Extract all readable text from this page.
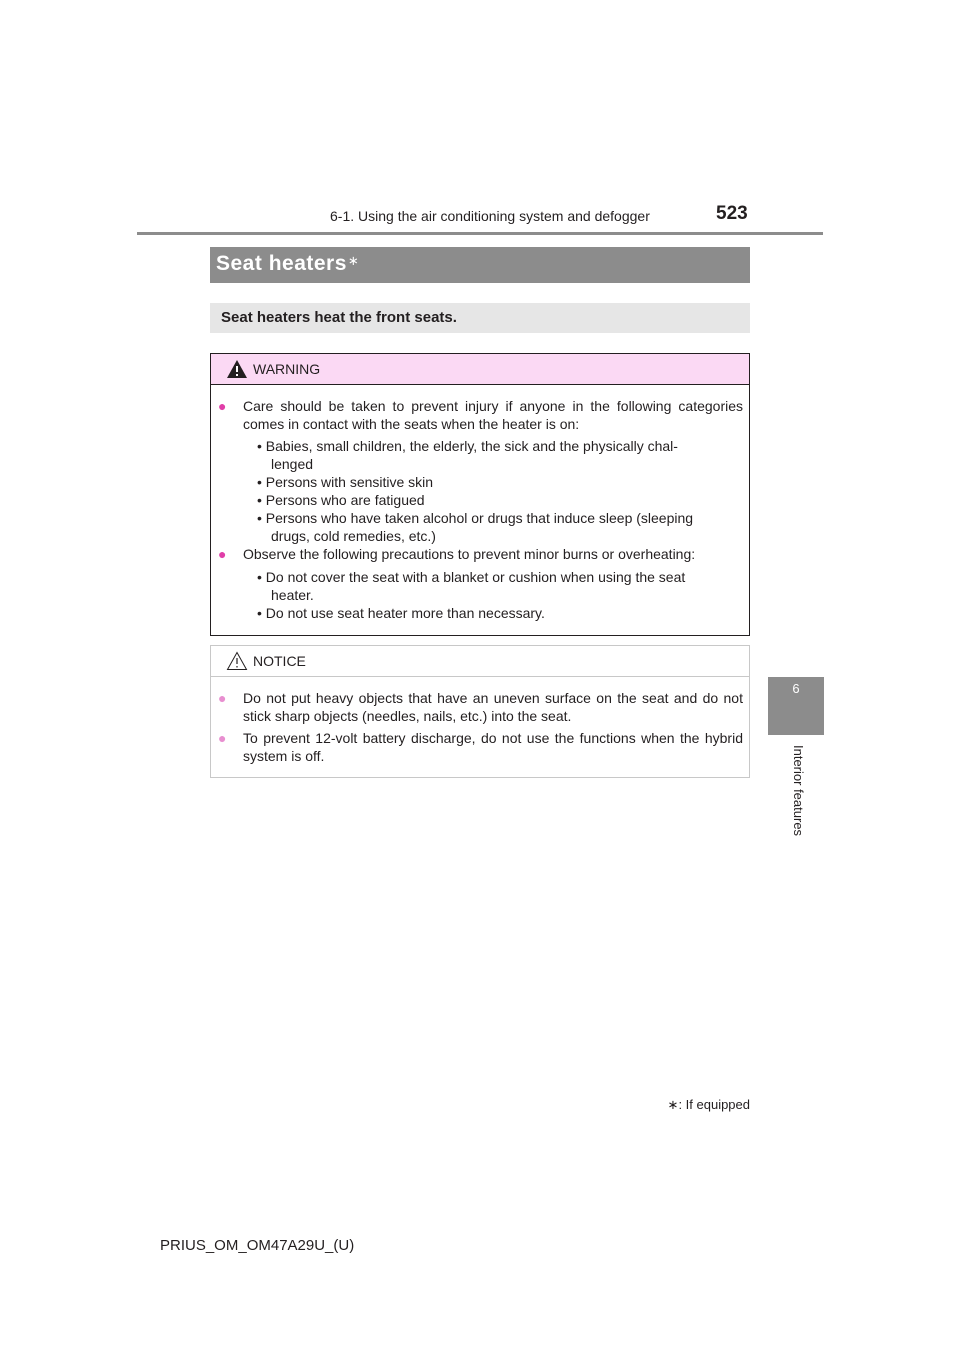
6-1. Using the air conditioning system and defogger	523
6
Interior features
Seat heaters∗
Seat heaters heat the front seats.
WARNING
● Care should be taken to prevent injury if anyone in the following categories comes in contact with the seats when the heater is on:
• Babies, small children, the elderly, the sick and the physically chal-
lenged
• Persons with sensitive skin
• Persons who are fatigued
• Persons who have taken alcohol or drugs that induce sleep (sleeping
drugs, cold remedies, etc.)
● Observe the following precautions to prevent minor burns or overheating:
• Do not cover the seat with a blanket or cushion when using the seat
heater.
• Do not use seat heater more than necessary.
NOTICE
● Do not put heavy objects that have an uneven surface on the seat and do not stick sharp objects (needles, nails, etc.) into the seat.
● To prevent 12-volt battery discharge, do not use the functions when the hybrid system is off.
∗: If equipped
PRIUS_OM_OM47A29U_(U)
